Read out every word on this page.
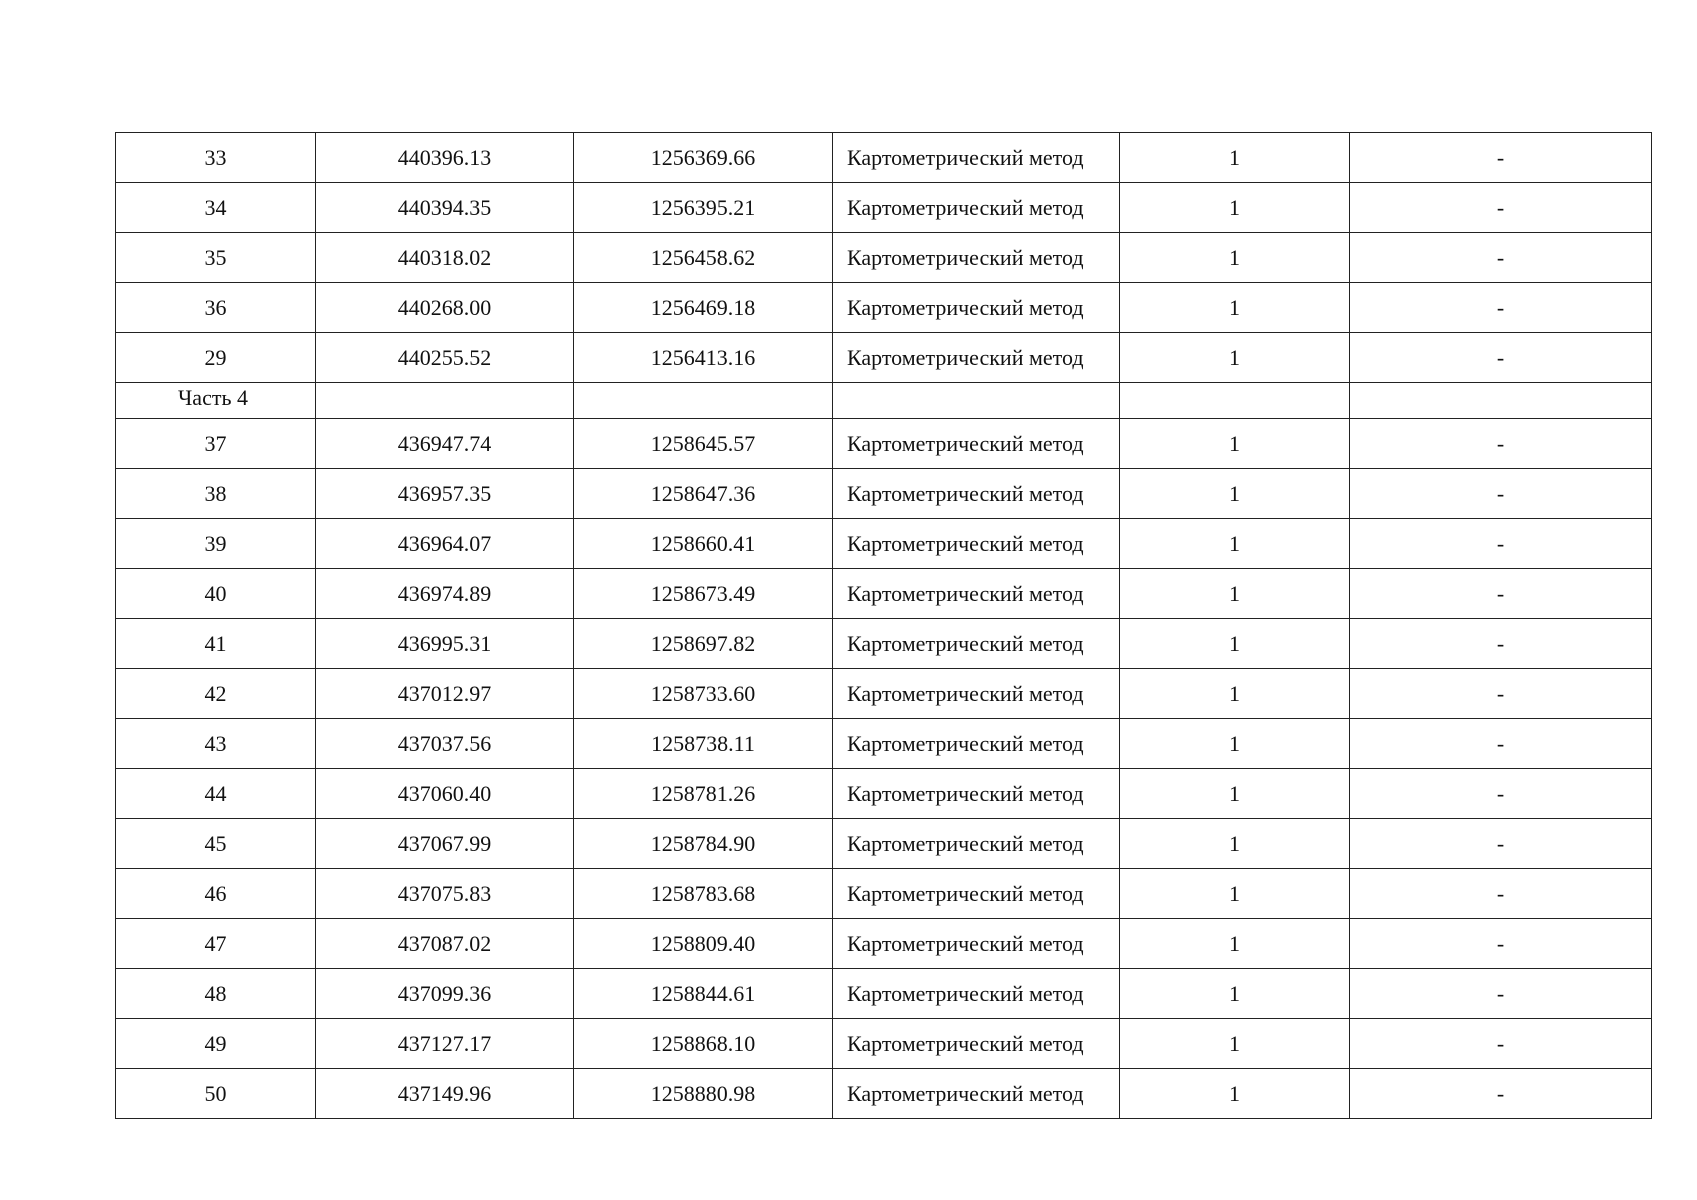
33	440396.13	1256369.66	Картометрический метод	1	-
34	440394.35	1256395.21	Картометрический метод	1	-
35	440318.02	1256458.62	Картометрический метод	1	-
36	440268.00	1256469.18	Картометрический метод	1	-
29	440255.52	1256413.16	Картометрический метод	1	-
Часть 4					
37	436947.74	1258645.57	Картометрический метод	1	-
38	436957.35	1258647.36	Картометрический метод	1	-
39	436964.07	1258660.41	Картометрический метод	1	-
40	436974.89	1258673.49	Картометрический метод	1	-
41	436995.31	1258697.82	Картометрический метод	1	-
42	437012.97	1258733.60	Картометрический метод	1	-
43	437037.56	1258738.11	Картометрический метод	1	-
44	437060.40	1258781.26	Картометрический метод	1	-
45	437067.99	1258784.90	Картометрический метод	1	-
46	437075.83	1258783.68	Картометрический метод	1	-
47	437087.02	1258809.40	Картометрический метод	1	-
48	437099.36	1258844.61	Картометрический метод	1	-
49	437127.17	1258868.10	Картометрический метод	1	-
50	437149.96	1258880.98	Картометрический метод	1	-
